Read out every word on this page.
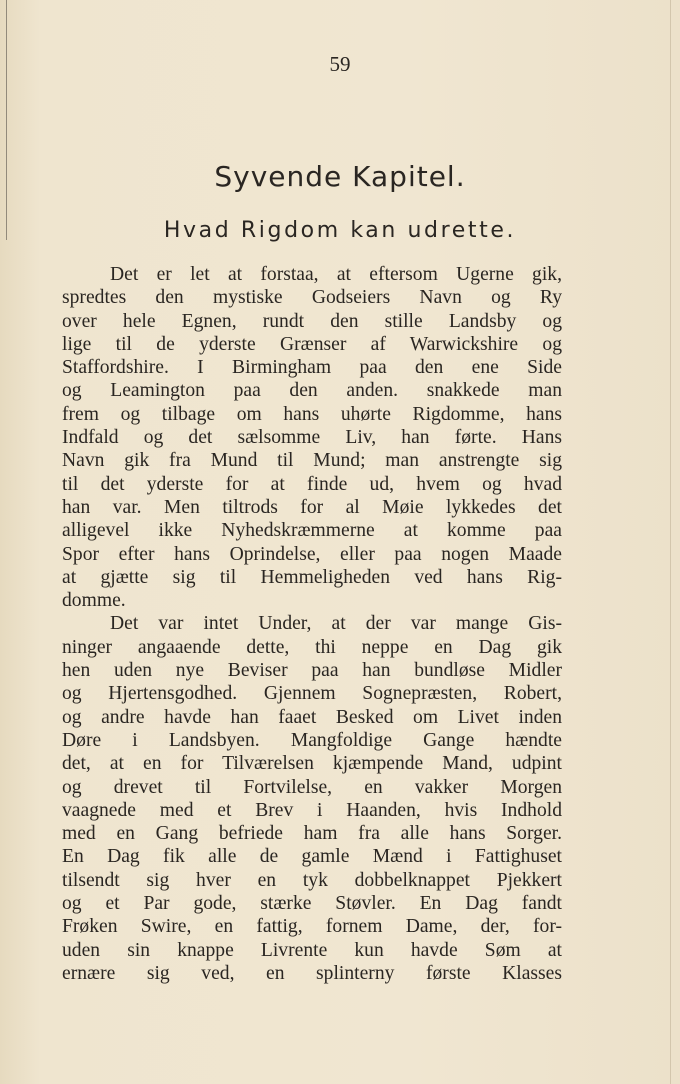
59
Syvende Kapitel.
Hvad Rigdom kan udrette.
Det er let at forstaa, at eftersom Ugerne gik,
spredtes den mystiske Godseiers Navn og Ry
over hele Egnen, rundt den stille Landsby og
lige til de yderste Grænser af Warwickshire og
Staffordshire. I Birmingham paa den ene Side
og Leamington paa den anden. snakkede man
frem og tilbage om hans uhørte Rigdomme, hans
Indfald og det sælsomme Liv, han førte. Hans
Navn gik fra Mund til Mund; man anstrengte sig
til det yderste for at finde ud, hvem og hvad
han var. Men tiltrods for al Møie lykkedes det
alligevel ikke Nyhedskræmmerne at komme paa
Spor efter hans Oprindelse, eller paa nogen Maade
at gjætte sig til Hemmeligheden ved hans Rig-
domme.
Det var intet Under, at der var mange Gis-
ninger angaaende dette, thi neppe en Dag gik
hen uden nye Beviser paa han bundløse Midler
og Hjertensgodhed. Gjennem Sognepræsten, Robert,
og andre havde han faaet Besked om Livet inden
Døre i Landsbyen. Mangfoldige Gange hændte
det, at en for Tilværelsen kjæmpende Mand, udpint
og drevet til Fortvilelse, en vakker Morgen
vaagnede med et Brev i Haanden, hvis Indhold
med en Gang befriede ham fra alle hans Sorger.
En Dag fik alle de gamle Mænd i Fattighuset
tilsendt sig hver en tyk dobbelknappet Pjekkert
og et Par gode, stærke Støvler. En Dag fandt
Frøken Swire, en fattig, fornem Dame, der, for-
uden sin knappe Livrente kun havde Søm at
ernære sig ved, en splinterny første Klasses
